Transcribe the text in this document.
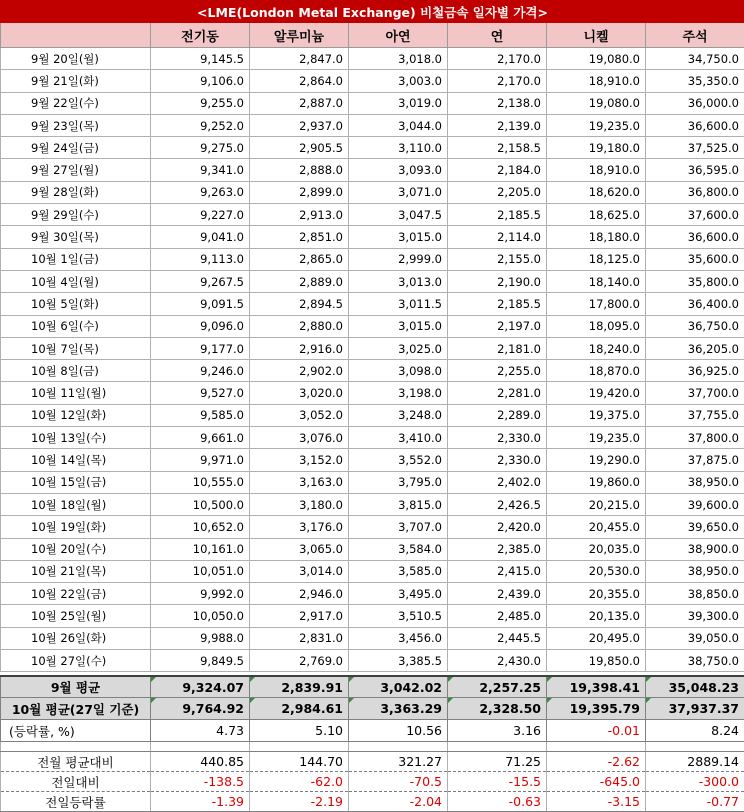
<LME(London Metal Exchange) 비철금속 일자별 가격>						
	전기동	알루미늄	아연	연	니켈	주석
9월 20일(월)	9,145.5	2,847.0	3,018.0	2,170.0	19,080.0	34,750.0
9월 21일(화)	9,106.0	2,864.0	3,003.0	2,170.0	18,910.0	35,350.0
9월 22일(수)	9,255.0	2,887.0	3,019.0	2,138.0	19,080.0	36,000.0
9월 23일(목)	9,252.0	2,937.0	3,044.0	2,139.0	19,235.0	36,600.0
9월 24일(금)	9,275.0	2,905.5	3,110.0	2,158.5	19,180.0	37,525.0
9월 27일(월)	9,341.0	2,888.0	3,093.0	2,184.0	18,910.0	36,595.0
9월 28일(화)	9,263.0	2,899.0	3,071.0	2,205.0	18,620.0	36,800.0
9월 29일(수)	9,227.0	2,913.0	3,047.5	2,185.5	18,625.0	37,600.0
9월 30일(목)	9,041.0	2,851.0	3,015.0	2,114.0	18,180.0	36,600.0
10월 1일(금)	9,113.0	2,865.0	2,999.0	2,155.0	18,125.0	35,600.0
10월 4일(월)	9,267.5	2,889.0	3,013.0	2,190.0	18,140.0	35,800.0
10월 5일(화)	9,091.5	2,894.5	3,011.5	2,185.5	17,800.0	36,400.0
10월 6일(수)	9,096.0	2,880.0	3,015.0	2,197.0	18,095.0	36,750.0
10월 7일(목)	9,177.0	2,916.0	3,025.0	2,181.0	18,240.0	36,205.0
10월 8일(금)	9,246.0	2,902.0	3,098.0	2,255.0	18,870.0	36,925.0
10월 11일(월)	9,527.0	3,020.0	3,198.0	2,281.0	19,420.0	37,700.0
10월 12일(화)	9,585.0	3,052.0	3,248.0	2,289.0	19,375.0	37,755.0
10월 13일(수)	9,661.0	3,076.0	3,410.0	2,330.0	19,235.0	37,800.0
10월 14일(목)	9,971.0	3,152.0	3,552.0	2,330.0	19,290.0	37,875.0
10월 15일(금)	10,555.0	3,163.0	3,795.0	2,402.0	19,860.0	38,950.0
10월 18일(월)	10,500.0	3,180.0	3,815.0	2,426.5	20,215.0	39,600.0
10월 19일(화)	10,652.0	3,176.0	3,707.0	2,420.0	20,455.0	39,650.0
10월 20일(수)	10,161.0	3,065.0	3,584.0	2,385.0	20,035.0	38,900.0
10월 21일(목)	10,051.0	3,014.0	3,585.0	2,415.0	20,530.0	38,950.0
10월 22일(금)	9,992.0	2,946.0	3,495.0	2,439.0	20,355.0	38,850.0
10월 25일(월)	10,050.0	2,917.0	3,510.5	2,485.0	20,135.0	39,300.0
10월 26일(화)	9,988.0	2,831.0	3,456.0	2,445.5	20,495.0	39,050.0
10월 27일(수)	9,849.5	2,769.0	3,385.5	2,430.0	19,850.0	38,750.0

9월 평균	9,324.07	2,839.91	3,042.02	2,257.25	19,398.41	35,048.23
10월 평균(27일 기준)	9,764.92	2,984.61	3,363.29	2,328.50	19,395.79	37,937.37
(등락률, %)	4.73	5.10	10.56	3.16	-0.01	8.24

전월 평균대비	440.85	144.70	321.27	71.25	-2.62	2889.14
전일대비	-138.5	-62.0	-70.5	-15.5	-645.0	-300.0
전일등락률	-1.39	-2.19	-2.04	-0.63	-3.15	-0.77
